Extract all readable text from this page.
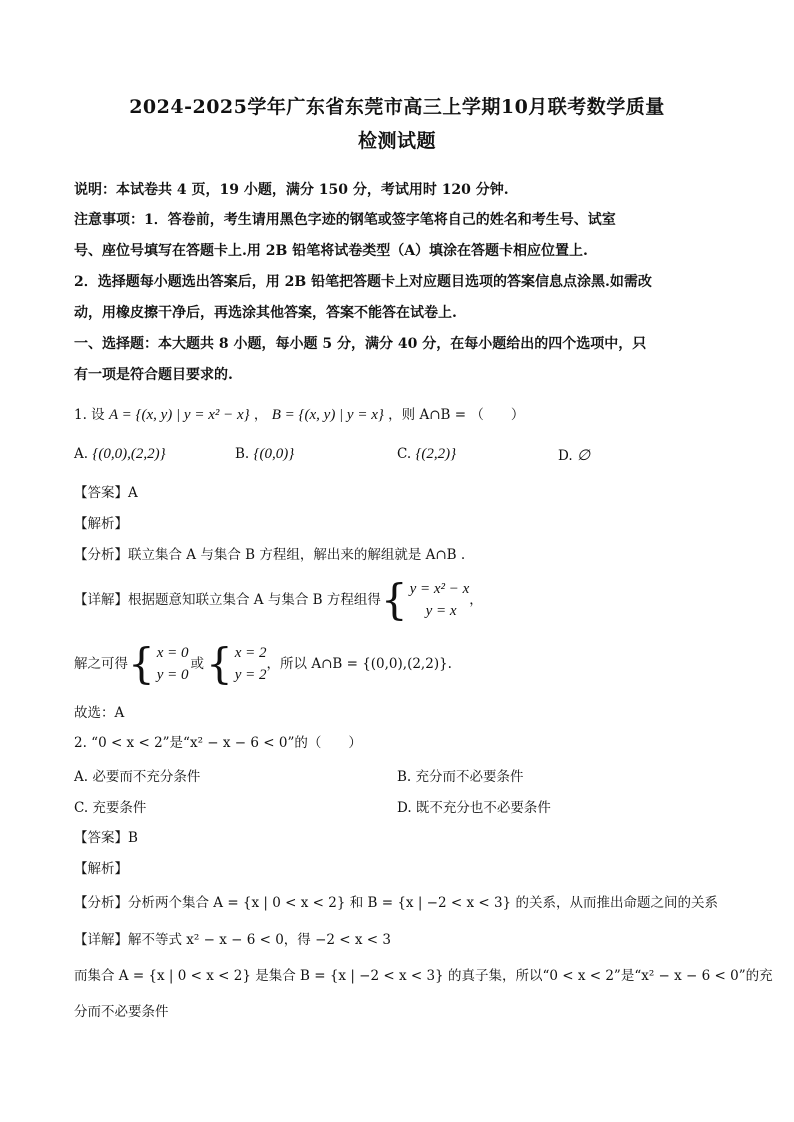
2024-2025学年广东省东莞市高三上学期10月联考数学质量
检测试题
说明：本试卷共 4 页，19 小题，满分 150 分，考试用时 120 分钟.
注意事项：1．答卷前，考生请用黑色字迹的钢笔或签字笔将自己的姓名和考生号、试室
号、座位号填写在答题卡上.用 2B 铅笔将试卷类型（A）填涂在答题卡相应位置上.
2．选择题每小题选出答案后，用 2B 铅笔把答题卡上对应题目选项的答案信息点涂黑.如需改
动，用橡皮擦干净后，再选涂其他答案，答案不能答在试卷上.
一、选择题：本大题共 8 小题，每小题 5 分，满分 40 分，在每小题给出的四个选项中，只
有一项是符合题目要求的.
1. 设 A = {(x, y) | y = x² − x} ， B = {(x, y) | y = x} ，则 A∩B = （　　）
A. {(0,0),(2,2)}	B. {(0,0)}	C. {(2,2)}	D. ∅
【答案】A
【解析】
【分析】联立集合 A 与集合 B 方程组，解出来的解组就是 A∩B .
【详解】根据题意知联立集合 A 与集合 B 方程组得 { y = x² − x
y = x
，
解之可得 { x = 0
y = 0
或 { x = 2
y = 2
，所以 A∩B = {(0,0),(2,2)}.
故选：A
2. “0 < x < 2”是“x² − x − 6 < 0”的（　　）
A. 必要而不充分条件	B. 充分而不必要条件
C. 充要条件	D. 既不充分也不必要条件
【答案】B
【解析】
【分析】分析两个集合 A = {x | 0 < x < 2} 和 B = {x | −2 < x < 3} 的关系，从而推出命题之间的关系
【详解】解不等式 x² − x − 6 < 0，得 −2 < x < 3
而集合 A = {x | 0 < x < 2} 是集合 B = {x | −2 < x < 3} 的真子集，所以“0 < x < 2”是“x² − x − 6 < 0”的充
分而不必要条件
